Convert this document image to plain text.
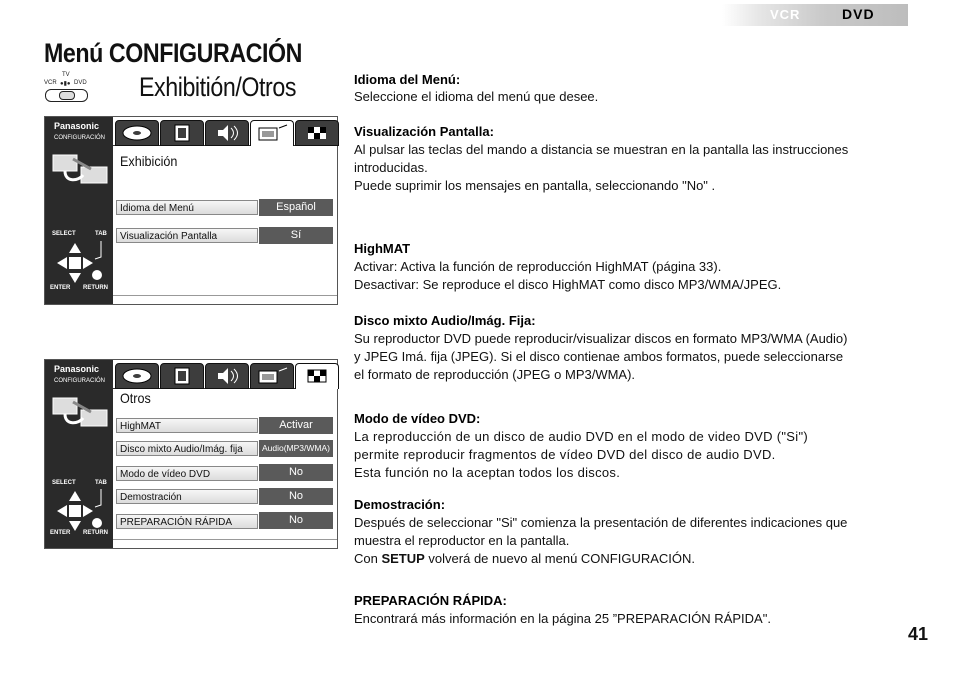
VCR	DVD
Menú CONFIGURACIÓN
Exhibitión/Otros
TV
VCR ●▮● DVD
Panasonic
CONFIGURACIÓN
SELECT	TAB
ENTER RETURN
Exhibición
Idioma del Menú	Español
Visualización Pantalla	Sí
Panasonic
CONFIGURACIÓN
SELECT	TAB
ENTER RETURN
Otros
HighMAT	Activar
Disco mixto Audio/Imág. fija	Audio(MP3/WMA)
Modo de vídeo DVD	No
Demostración	No
PREPARACIÓN RÁPIDA	No
Idioma del Menú:
Seleccione el idioma del menú que desee.
Visualización Pantalla:
Al pulsar las teclas del mando a distancia se muestran en la pantalla las instrucciones
introducidas.
Puede suprimir los mensajes en pantalla, seleccionando "No" .
HighMAT
Activar: Activa la función de reproducción HighMAT (página 33).
Desactivar: Se reproduce el disco HighMAT como disco MP3/WMA/JPEG.
Disco mixto Audio/Imág. Fija:
Su reproductor DVD puede reproducir/visualizar discos en formato MP3/WMA (Audio)
y JPEG Imá. fija (JPEG). Si el disco contienae ambos formatos, puede seleccionarse
el formato de reproducción (JPEG o MP3/WMA).
Modo de vídeo DVD:
La reproducción de un disco de audio DVD en el modo de video DVD ("Si")
permite reproducir fragmentos de vídeo DVD del disco de audio DVD.
Esta función no la aceptan todos los discos.
Demostración:
Después de seleccionar "Si" comienza la presentación de diferentes indicaciones que
muestra el reproductor en la pantalla.
Con SETUP volverá de nuevo al menú CONFIGURACIÓN.
PREPARACIÓN RÁPIDA:
Encontrará más información en la página 25 ”PREPARACIÓN RÁPIDA".
41
